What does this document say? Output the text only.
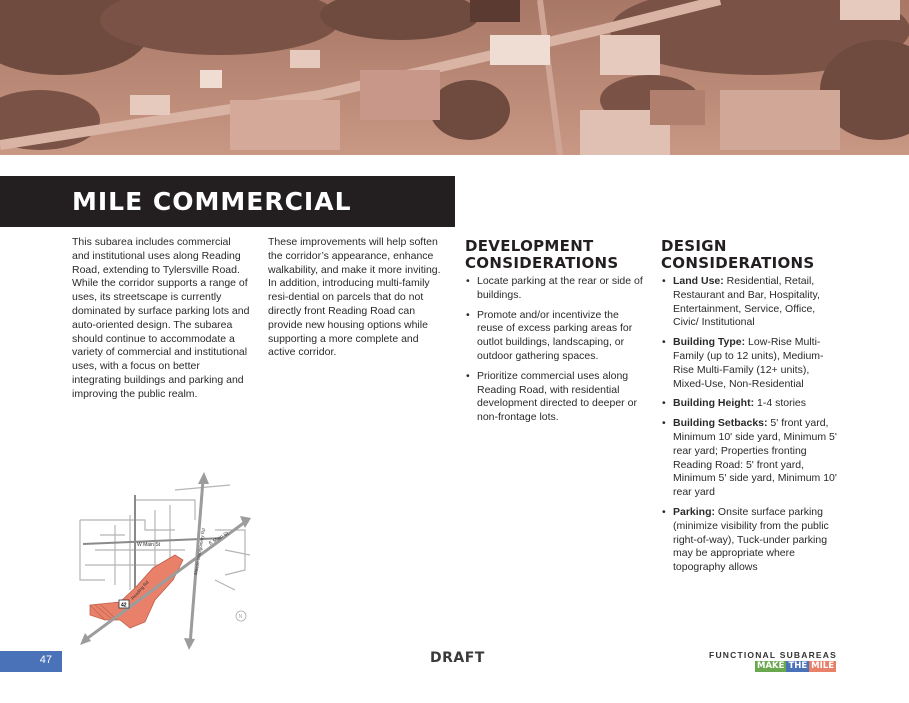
MILE COMMERCIAL
This subarea includes commercial and institutional uses along Reading Road, extending to Tylersville Road. While the corridor supports a range of uses, its streetscape is currently dominated by surface parking lots and auto-oriented design. The subarea should continue to accommodate a variety of commercial and institutional uses, with a focus on better integrating buildings and parking and improving the public realm.
These improvements will help soften the corridor’s appearance, enhance walkability, and make it more inviting. In addition, introducing multi-family resi-dential on parcels that do not directly front Reading Road can provide new housing options while supporting a more complete and active corridor.
DEVELOPMENT
CONSIDERATIONS
• Locate parking at the rear or side of buildings.
• Promote and/or incentivize the reuse of excess parking areas for outlot buildings, landscaping, or outdoor gathering spaces.
• Prioritize commercial uses along Reading Road, with residential development directed to deeper or non-frontage lots.
DESIGN
CONSIDERATIONS
• Land Use: Residential, Retail, Restaurant and Bar, Hospitality, Entertainment, Service, Office, Civic/ Institutional
• Building Type: Low-Rise Multi-Family (up to 12 units), Medium-Rise Multi-Family (12+ units), Mixed-Use, Non-Residential
• Building Height: 1-4 stories
• Building Setbacks: 5' front yard, Minimum 10' side yard, Minimum 5' rear yard; Properties fronting Reading Road: 5' front yard, Minimum 5' side yard, Minimum 10' rear yard
• Parking: Onsite surface parking (minimize visibility from the public right-of-way), Tuck-under parking may be appropriate where topography allows
W Main St	E Main St
Mason-Montgomery Rd
Reading Rd
42
N
47	DRAFT	FUNCTIONAL SUBAREAS
MAKE THE MILE
